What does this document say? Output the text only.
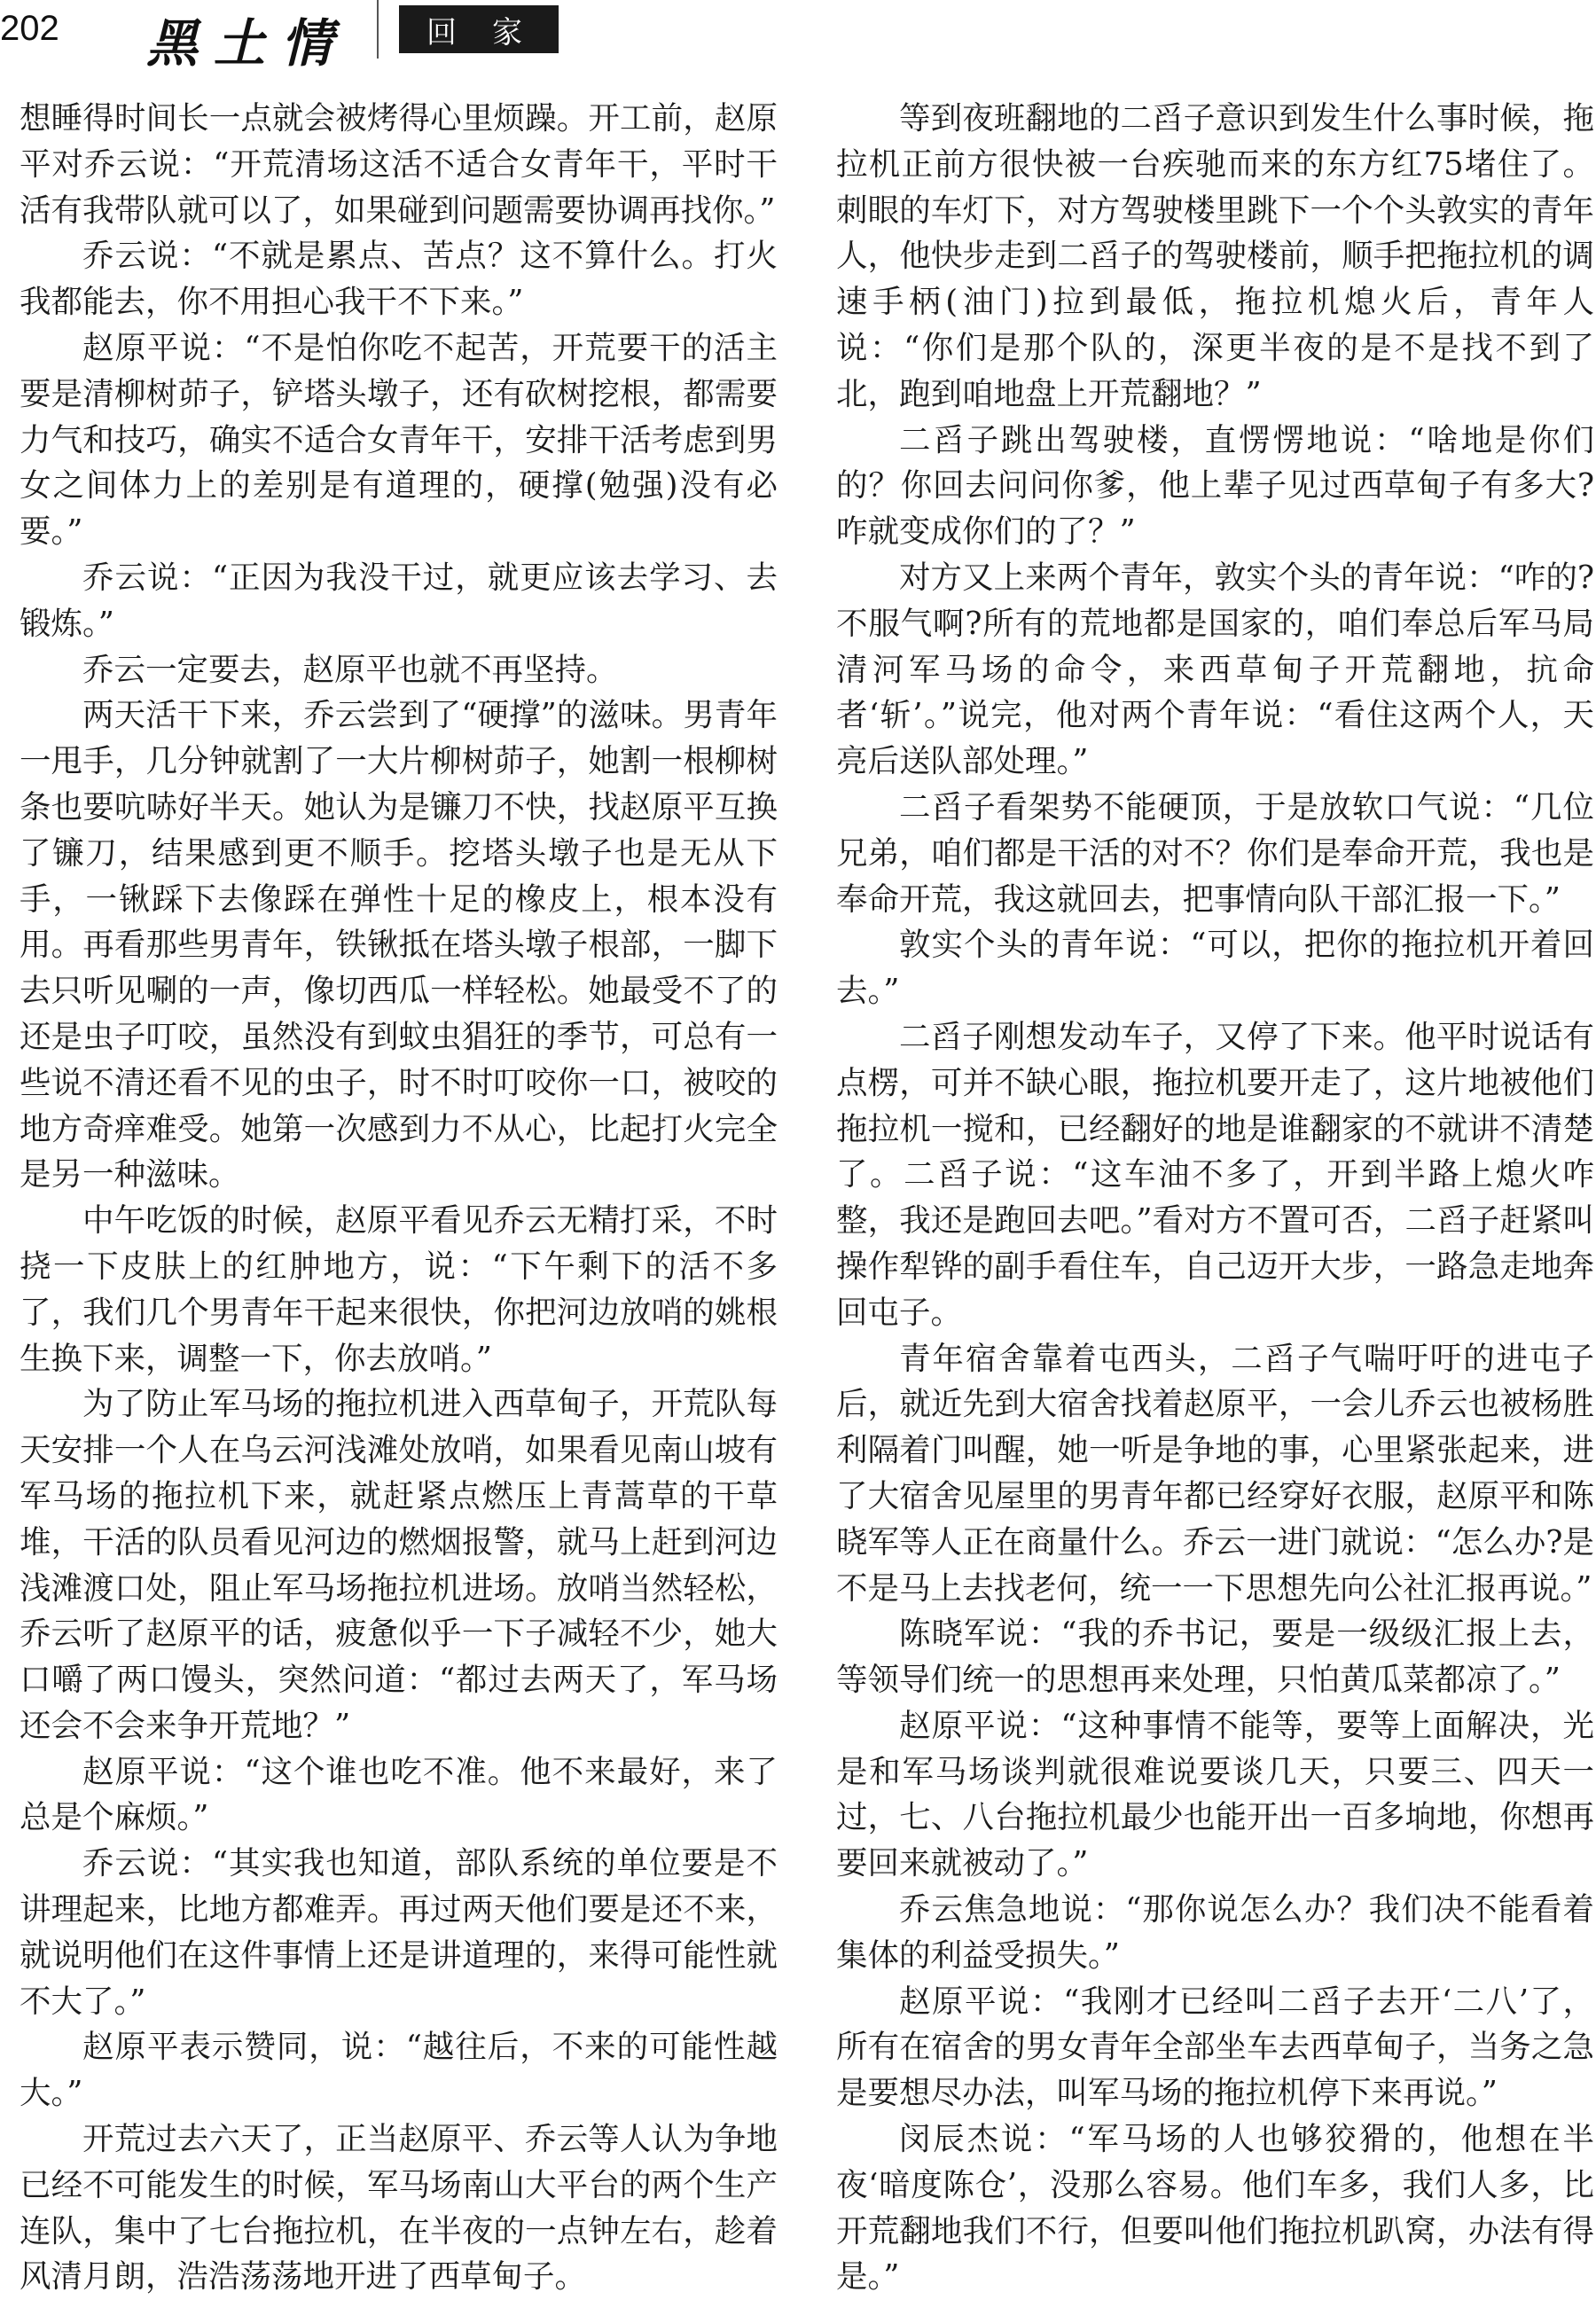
202 黑土情	回家

想睡得时间长一点就会被烤得心里烦躁。开工前，赵原平对乔云说：“开荒清场这活不适合女青年干，平时干活有我带队就可以了，如果碰到问题需要协调再找你。”

乔云说：“不就是累点、苦点？这不算什么。打火我都能去，你不用担心我干不下来。”

赵原平说：“不是怕你吃不起苦，开荒要干的活主要是清柳树茆子，铲塔头墩子，还有砍树挖根，都需要力气和技巧，确实不适合女青年干，安排干活考虑到男女之间体力上的差别是有道理的，硬撑(勉强)没有必要。”

乔云说：“正因为我没干过，就更应该去学习、去锻炼。”

乔云一定要去，赵原平也就不再坚持。

两天活干下来，乔云尝到了“硬撑”的滋味。男青年一甩手，几分钟就割了一大片柳树茆子，她割一根柳树条也要吭哧好半天。她认为是镰刀不快，找赵原平互换了镰刀，结果感到更不顺手。挖塔头墩子也是无从下手，一锹踩下去像踩在弹性十足的橡皮上，根本没有用。再看那些男青年，铁锹抵在塔头墩子根部，一脚下去只听见唰的一声，像切西瓜一样轻松。她最受不了的还是虫子叮咬，虽然没有到蚊虫猖狂的季节，可总有一些说不清还看不见的虫子，时不时叮咬你一口，被咬的地方奇痒难受。她第一次感到力不从心，比起打火完全是另一种滋味。

中午吃饭的时候，赵原平看见乔云无精打采，不时挠一下皮肤上的红肿地方，说：“下午剩下的活不多了，我们几个男青年干起来很快，你把河边放哨的姚根生换下来，调整一下，你去放哨。”

为了防止军马场的拖拉机进入西草甸子，开荒队每天安排一个人在乌云河浅滩处放哨，如果看见南山坡有军马场的拖拉机下来，就赶紧点燃压上青蒿草的干草堆，干活的队员看见河边的燃烟报警，就马上赶到河边浅滩渡口处，阻止军马场拖拉机进场。放哨当然轻松，乔云听了赵原平的话，疲惫似乎一下子减轻不少，她大口嚼了两口馒头，突然问道：“都过去两天了，军马场还会不会来争开荒地？”

赵原平说：“这个谁也吃不准。他不来最好，来了总是个麻烦。”

乔云说：“其实我也知道，部队系统的单位要是不讲理起来，比地方都难弄。再过两天他们要是还不来，就说明他们在这件事情上还是讲道理的，来得可能性就不大了。”

赵原平表示赞同，说：“越往后，不来的可能性越大。”

开荒过去六天了，正当赵原平、乔云等人认为争地已经不可能发生的时候，军马场南山大平台的两个生产连队，集中了七台拖拉机，在半夜的一点钟左右，趁着风清月朗，浩浩荡荡地开进了西草甸子。

等到夜班翻地的二舀子意识到发生什么事时候，拖拉机正前方很快被一台疾驰而来的东方红75堵住了。刺眼的车灯下，对方驾驶楼里跳下一个个头敦实的青年人，他快步走到二舀子的驾驶楼前，顺手把拖拉机的调速手柄(油门)拉到最低，拖拉机熄火后，青年人说：“你们是那个队的，深更半夜的是不是找不到了北，跑到咱地盘上开荒翻地？”

二舀子跳出驾驶楼，直愣愣地说：“啥地是你们的？你回去问问你爹，他上辈子见过西草甸子有多大?咋就变成你们的了？”

对方又上来两个青年，敦实个头的青年说：“咋的?不服气啊?所有的荒地都是国家的，咱们奉总后军马局清河军马场的命令，来西草甸子开荒翻地，抗命者‘斩’。”说完，他对两个青年说：“看住这两个人，天亮后送队部处理。”

二舀子看架势不能硬顶，于是放软口气说：“几位兄弟，咱们都是干活的对不？你们是奉命开荒，我也是奉命开荒，我这就回去，把事情向队干部汇报一下。”

敦实个头的青年说：“可以，把你的拖拉机开着回去。”

二舀子刚想发动车子，又停了下来。他平时说话有点楞，可并不缺心眼，拖拉机要开走了，这片地被他们拖拉机一搅和，已经翻好的地是谁翻家的不就讲不清楚了。二舀子说：“这车油不多了，开到半路上熄火咋整，我还是跑回去吧。”看对方不置可否，二舀子赶紧叫操作犁铧的副手看住车，自己迈开大步，一路急走地奔回屯子。

青年宿舍靠着屯西头，二舀子气喘吁吁的进屯子后，就近先到大宿舍找着赵原平，一会儿乔云也被杨胜利隔着门叫醒，她一听是争地的事，心里紧张起来，进了大宿舍见屋里的男青年都已经穿好衣服，赵原平和陈晓军等人正在商量什么。乔云一进门就说：“怎么办?是不是马上去找老何，统一一下思想先向公社汇报再说。”

陈晓军说：“我的乔书记，要是一级级汇报上去，等领导们统一的思想再来处理，只怕黄瓜菜都凉了。”

赵原平说：“这种事情不能等，要等上面解决，光是和军马场谈判就很难说要谈几天，只要三、四天一过，七、八台拖拉机最少也能开出一百多垧地，你想再要回来就被动了。”

乔云焦急地说：“那你说怎么办？我们决不能看着集体的利益受损失。”

赵原平说：“我刚才已经叫二舀子去开‘二八’了，所有在宿舍的男女青年全部坐车去西草甸子，当务之急是要想尽办法，叫军马场的拖拉机停下来再说。”

闵辰杰说：“军马场的人也够狡猾的，他想在半夜‘暗度陈仓’，没那么容易。他们车多，我们人多，比开荒翻地我们不行，但要叫他们拖拉机趴窝，办法有得是。”
